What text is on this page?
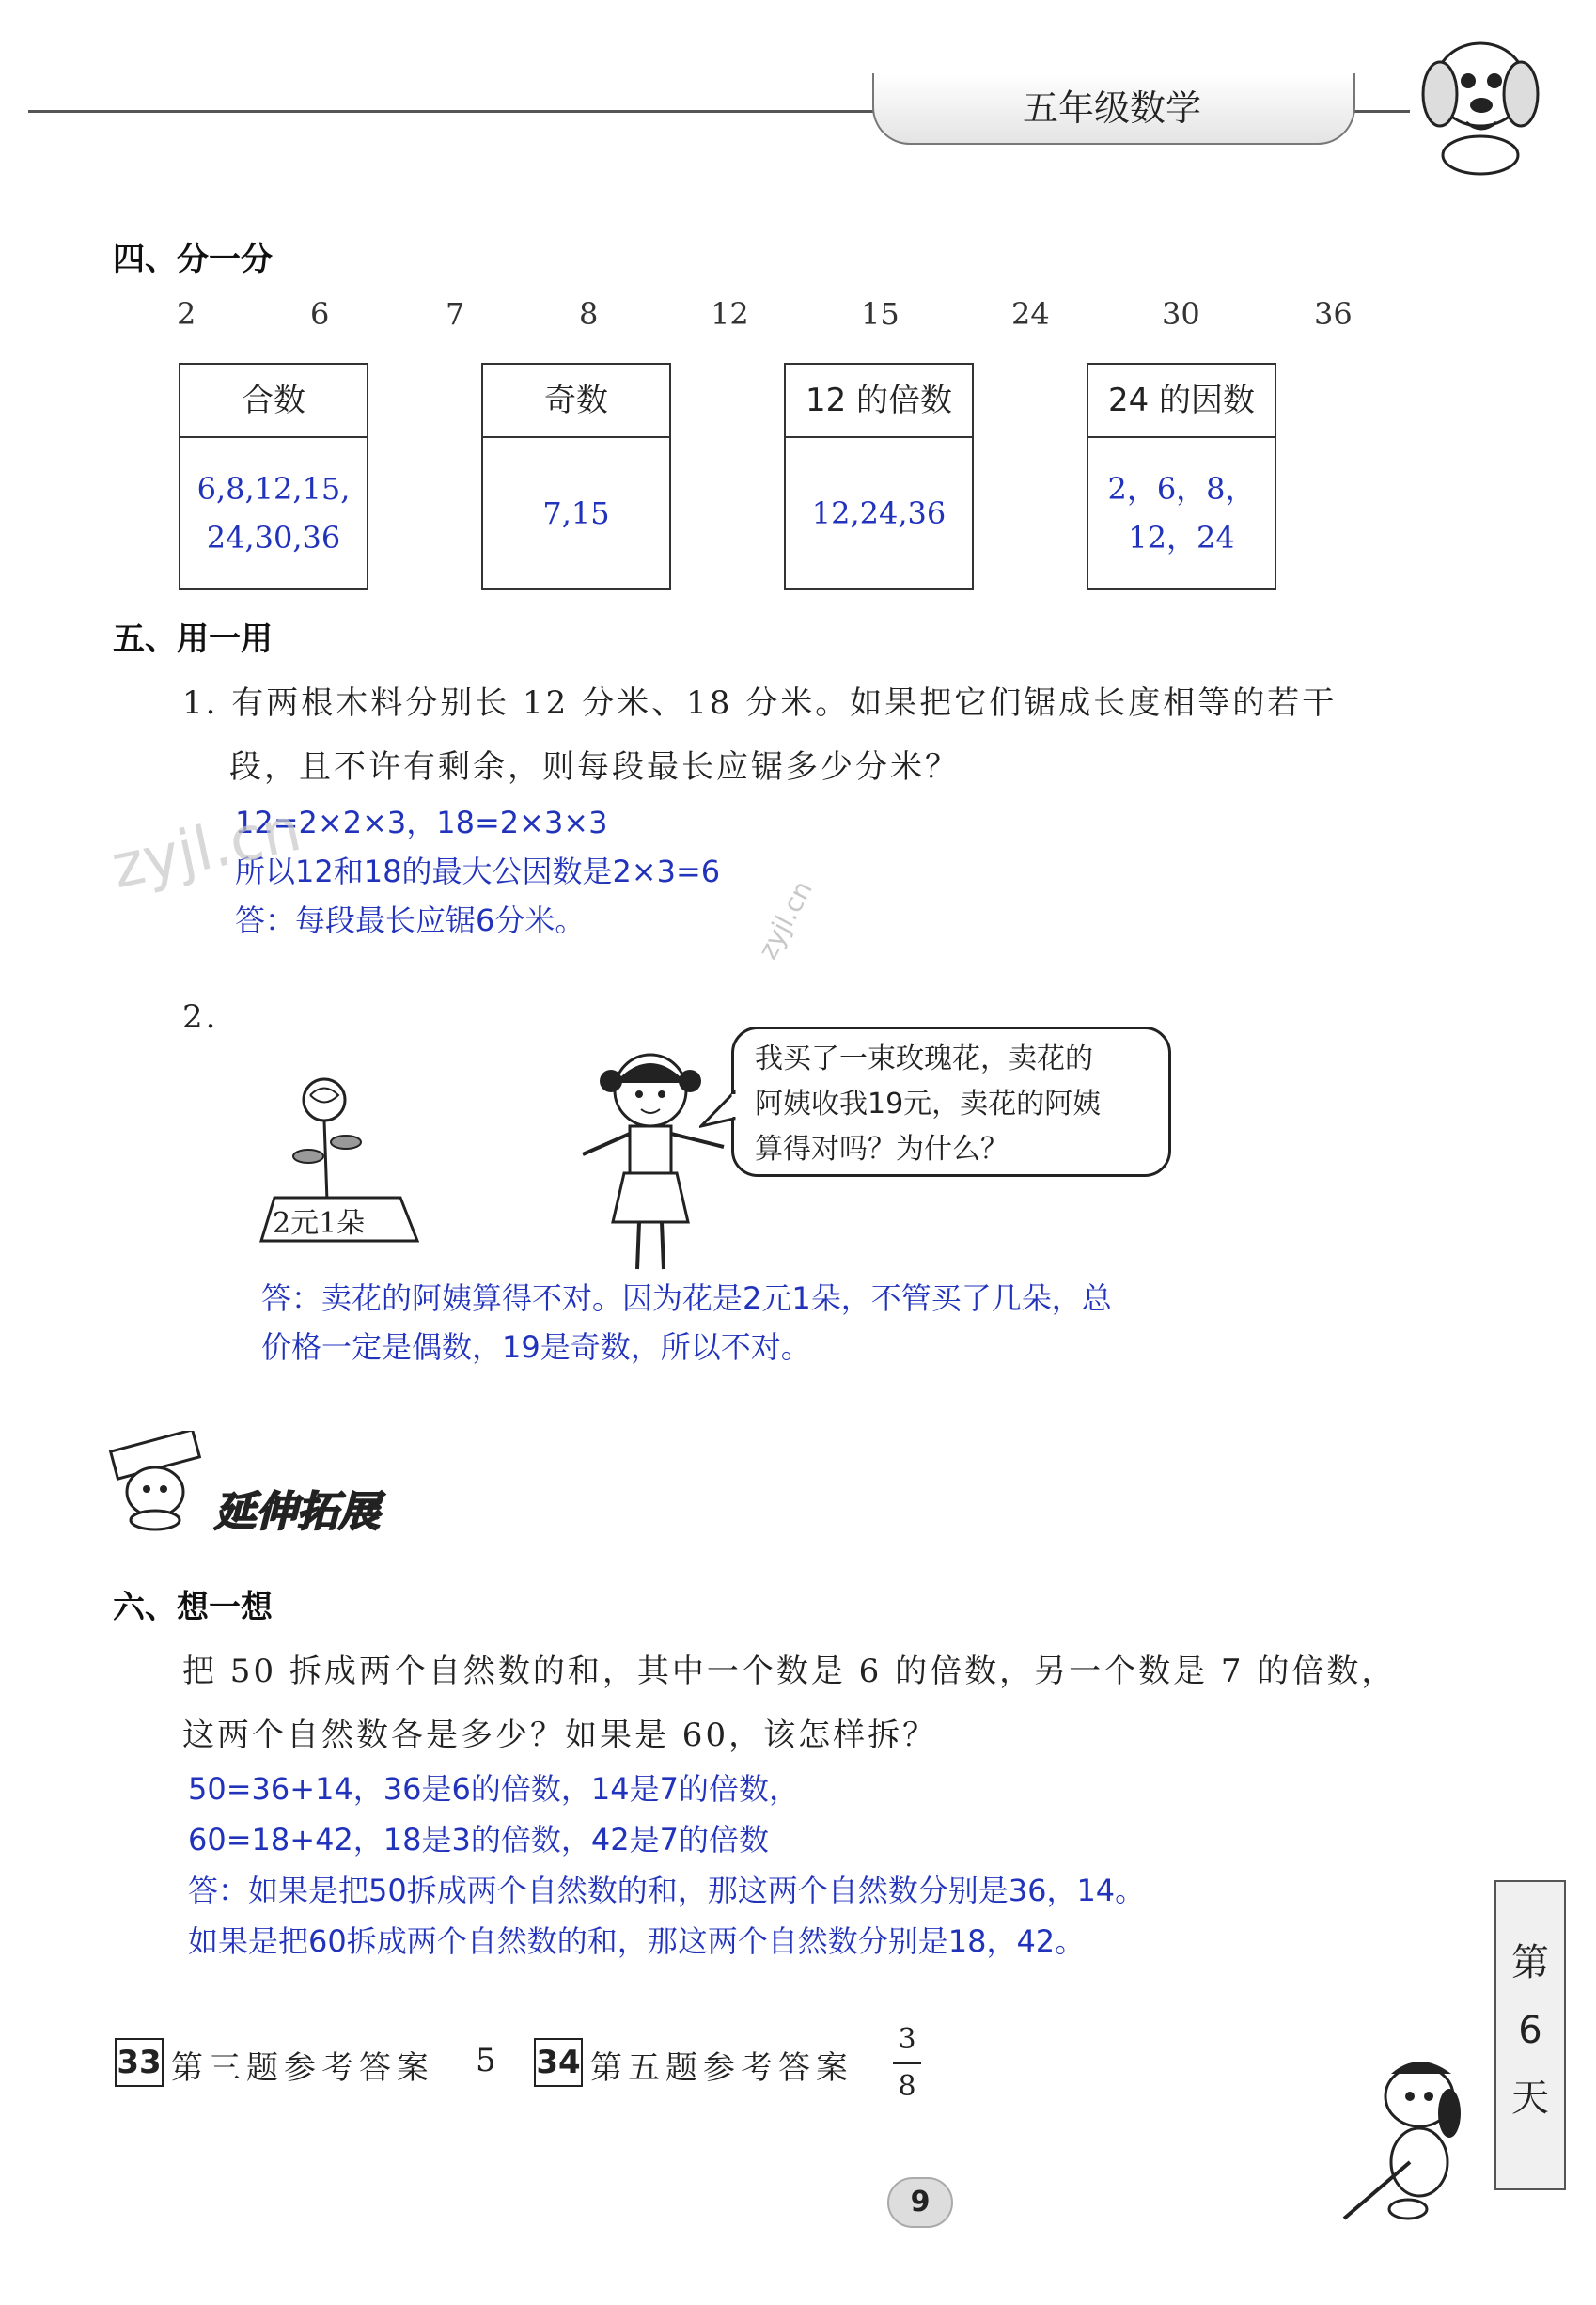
五年级数学
四、分一分
2	6	7	8	12	15	24	30	36
合数
6,8,12,15,
24,30,36
奇数
7,15
12 的倍数
12,24,36
24 的因数
2，6，8，
12，24
五、用一用
1. 有两根木料分别长 12 分米、18 分米。如果把它们锯成长度相等的若干
段，且不许有剩余，则每段最长应锯多少分米？
12=2×2×3，18=2×3×3
所以12和18的最大公因数是2×3=6
答：每段最长应锯6分米。
2.
2元1朵
我买了一束玫瑰花，卖花的
阿姨收我19元，卖花的阿姨
算得对吗？为什么？
答：卖花的阿姨算得不对。因为花是2元1朵，不管买了几朵，总
价格一定是偶数，19是奇数，所以不对。
延伸拓展
六、想一想
把 50 拆成两个自然数的和，其中一个数是 6 的倍数，另一个数是 7 的倍数，
这两个自然数各是多少？如果是 60，该怎样拆？
50=36+14，36是6的倍数，14是7的倍数，
60=18+42，18是3的倍数，42是7的倍数
答：如果是把50拆成两个自然数的和，那这两个自然数分别是36，14。
如果是把60拆成两个自然数的和，那这两个自然数分别是18，42。
33 第三题参考答案 5 34 第五题参考答案
3
8
第
6
天
9
zyjl.cn
zyjl.cn
